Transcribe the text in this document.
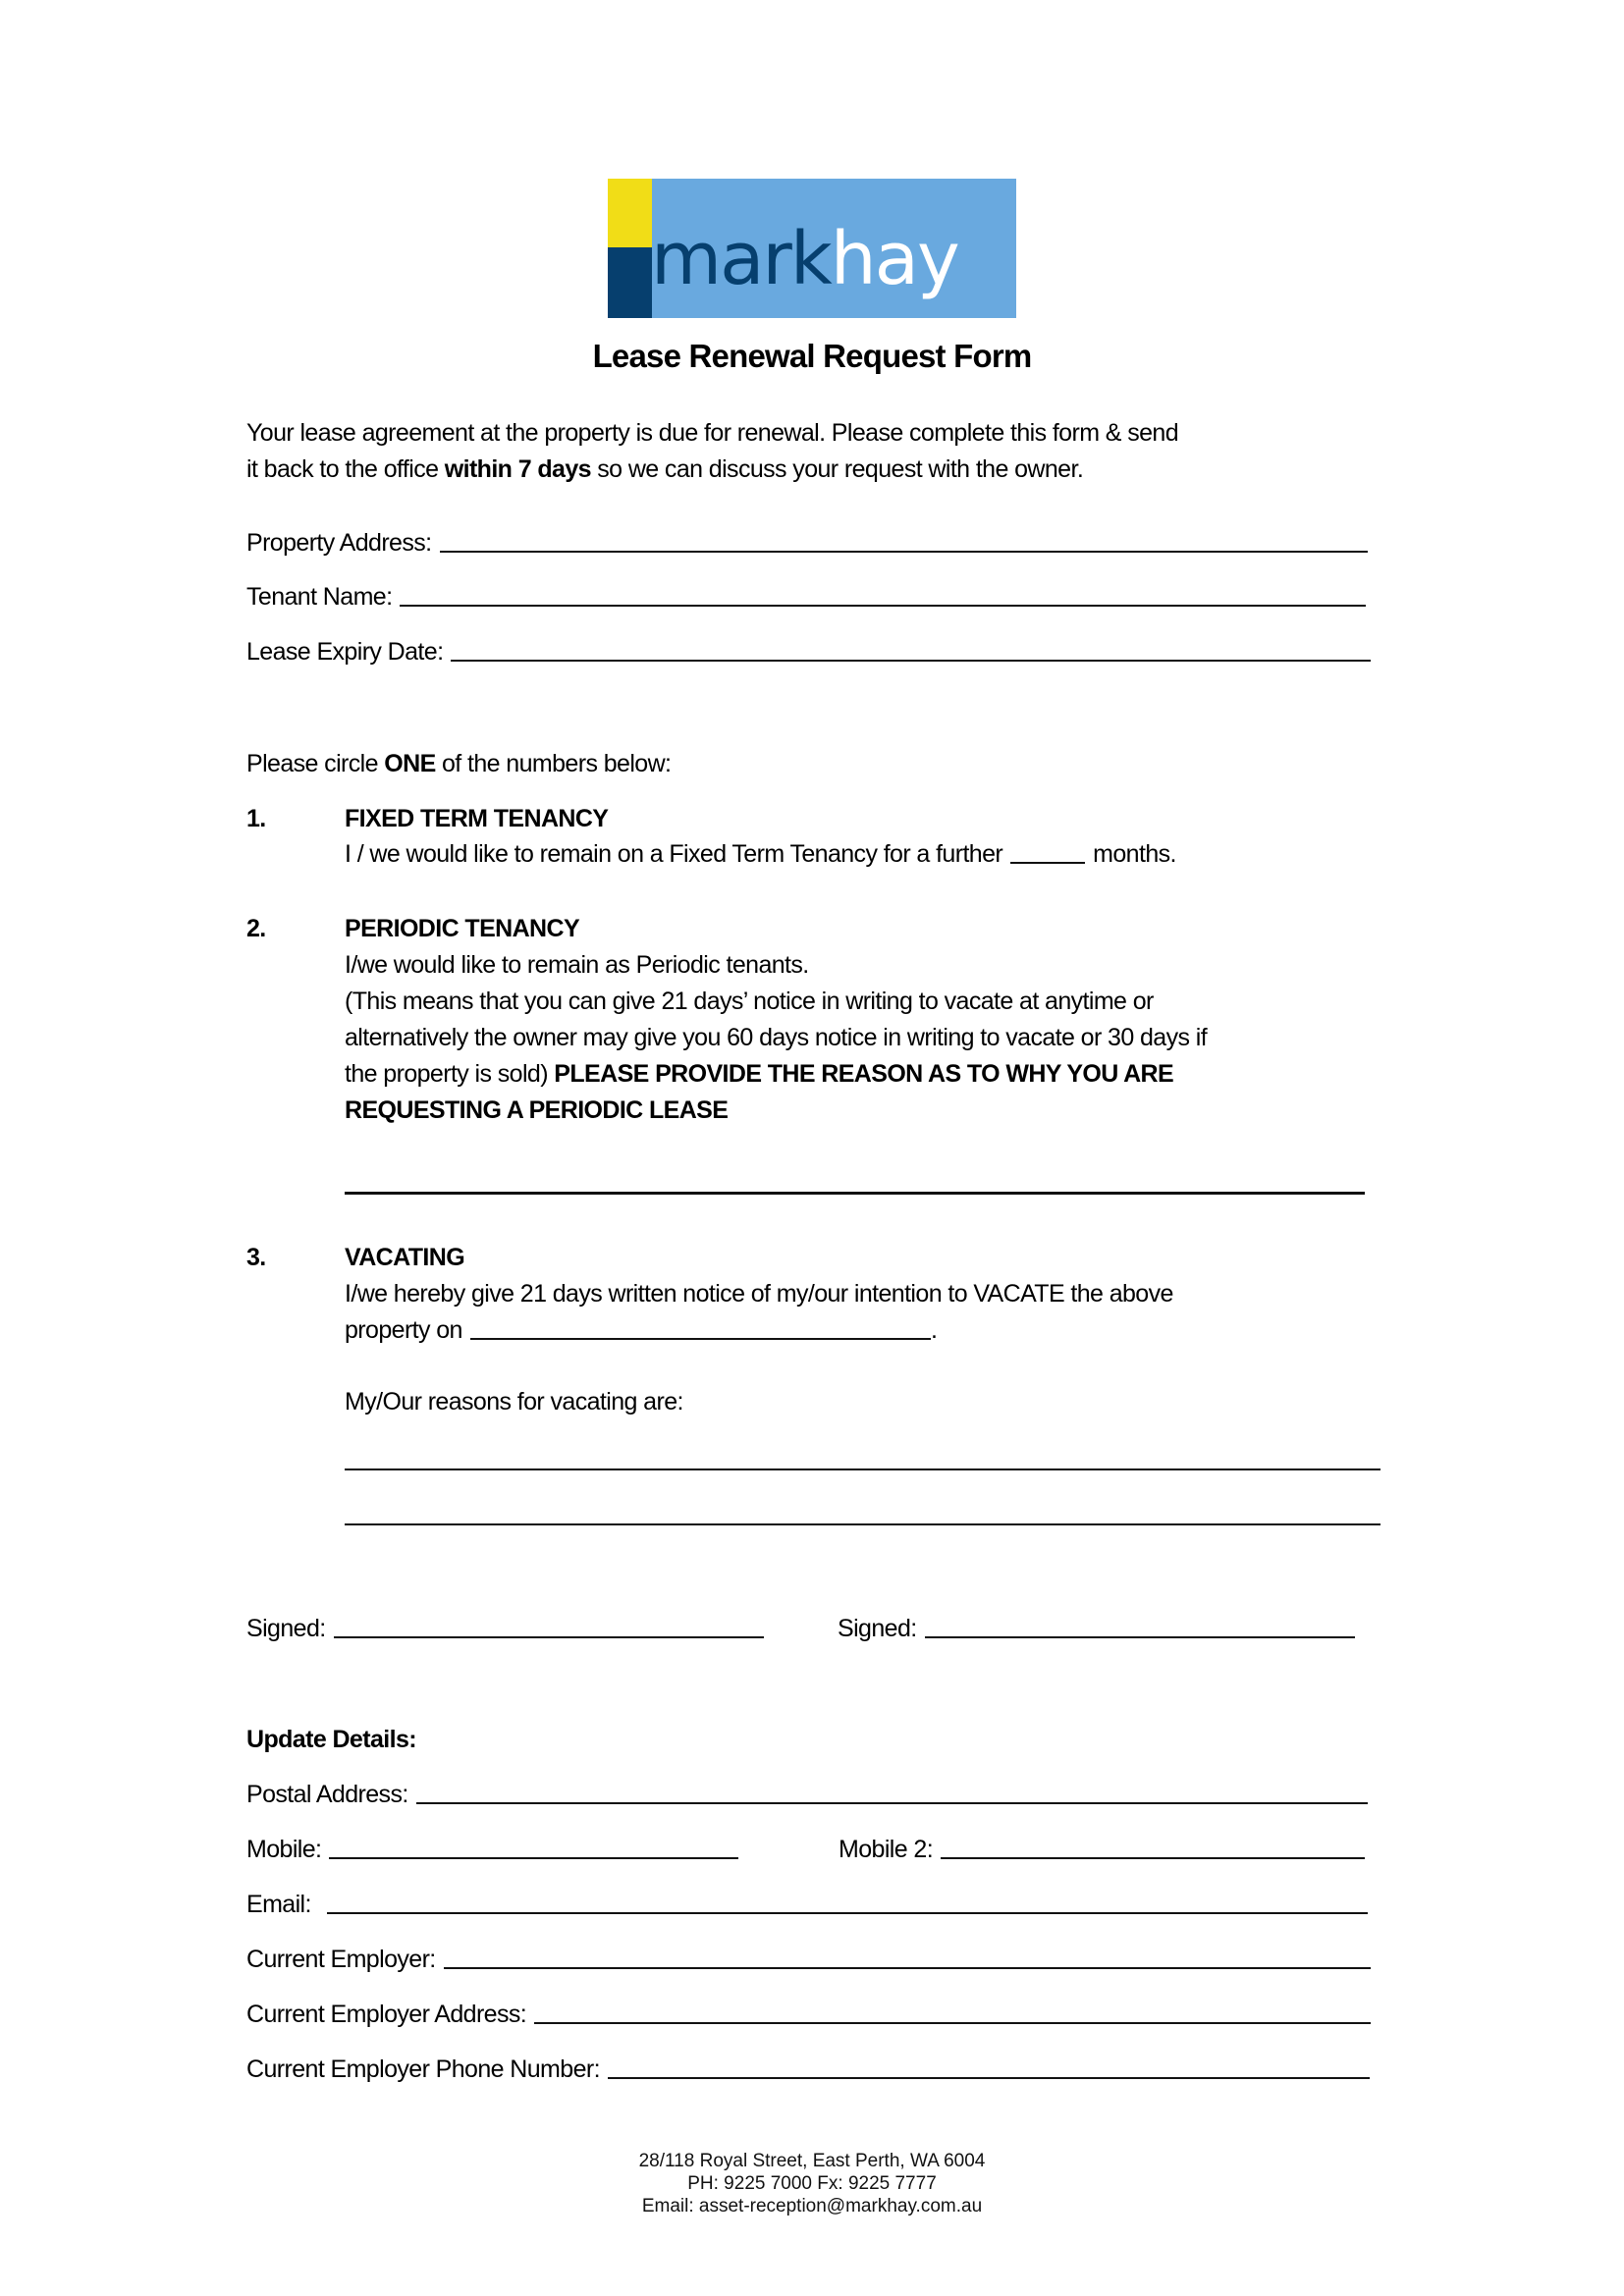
markhay
Lease Renewal Request Form
Your lease agreement at the property is due for renewal. Please complete this form & send
it back to the office within 7 days so we can discuss your request with the owner.
Property Address:
Tenant Name:
Lease Expiry Date:
Please circle ONE of the numbers below:
1.	FIXED TERM TENANCY
I / we would like to remain on a Fixed Term Tenancy for a further	months.
2.	PERIODIC TENANCY
I/we would like to remain as Periodic tenants.
(This means that you can give 21 days’ notice in writing to vacate at anytime or
alternatively the owner may give you 60 days notice in writing to vacate or 30 days if
the property is sold) PLEASE PROVIDE THE REASON AS TO WHY YOU ARE
REQUESTING A PERIODIC LEASE
3.	VACATING
I/we hereby give 21 days written notice of my/our intention to VACATE the above
property on	.
My/Our reasons for vacating are:
Signed:	Signed:
Update Details:
Postal Address:
Mobile:	Mobile 2:
Email:
Current Employer:
Current Employer Address:
Current Employer Phone Number:
28/118 Royal Street, East Perth, WA 6004
PH: 9225 7000 Fx: 9225 7777
Email: asset-reception@markhay.com.au
